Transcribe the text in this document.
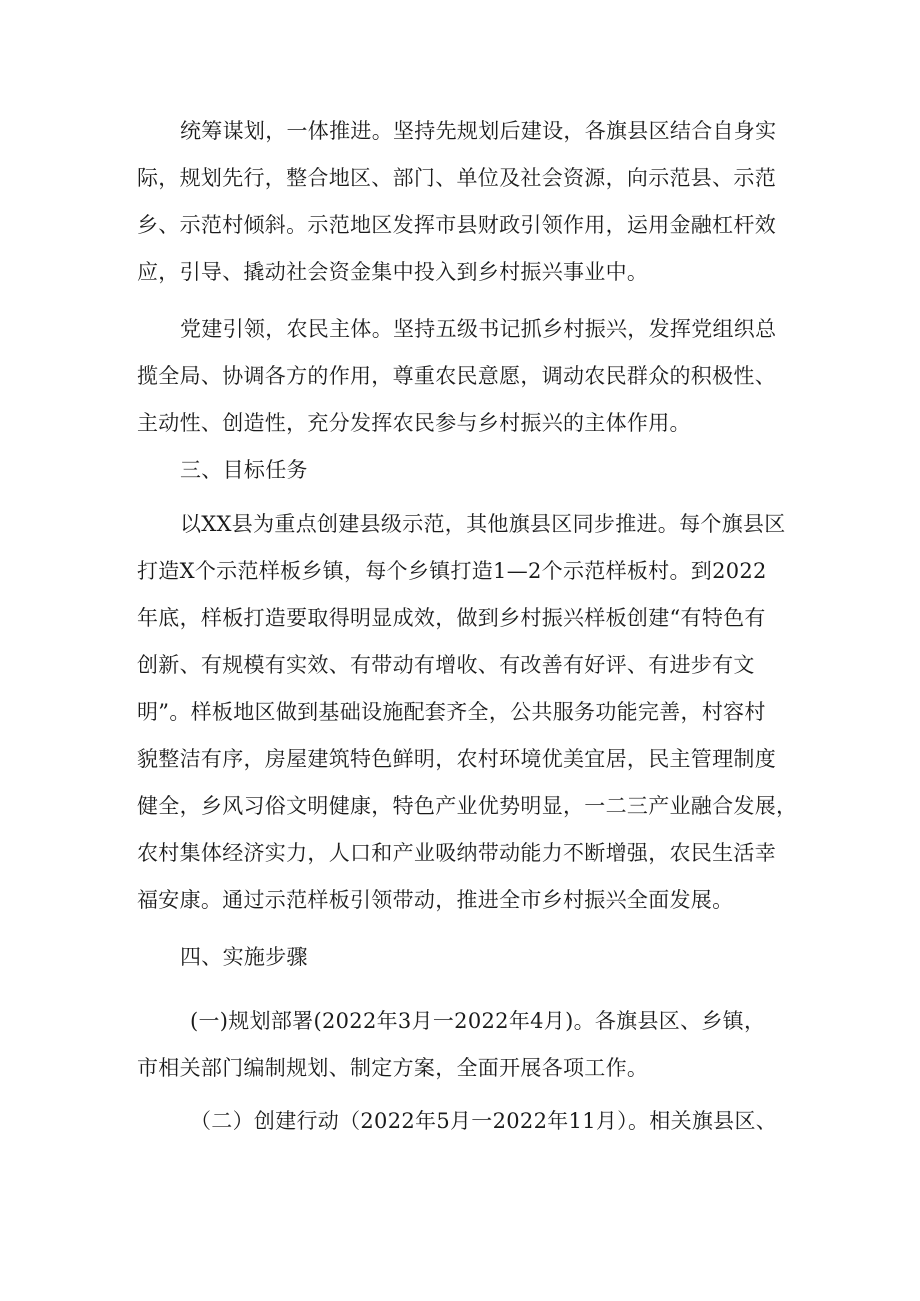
统筹谋划，一体推进。坚持先规划后建设，各旗县区结合自身实

际，规划先行，整合地区、部门、单位及社会资源，向示范县、示范

乡、示范村倾斜。示范地区发挥市县财政引领作用，运用金融杠杆效

应，引导、撬动社会资金集中投入到乡村振兴事业中。

党建引领，农民主体。坚持五级书记抓乡村振兴，发挥党组织总

揽全局、协调各方的作用，尊重农民意愿，调动农民群众的积极性、

主动性、创造性，充分发挥农民参与乡村振兴的主体作用。

三、目标任务

以XX县为重点创建县级示范，其他旗县区同步推进。每个旗县区

打造X个示范样板乡镇，每个乡镇打造1—2个示范样板村。到2022

年底，样板打造要取得明显成效，做到乡村振兴样板创建“有特色有

创新、有规模有实效、有带动有增收、有改善有好评、有进步有文

明”。样板地区做到基础设施配套齐全，公共服务功能完善，村容村

貌整洁有序，房屋建筑特色鲜明，农村环境优美宜居，民主管理制度

健全，乡风习俗文明健康，特色产业优势明显，一二三产业融合发展，

农村集体经济实力，人口和产业吸纳带动能力不断增强，农民生活幸

福安康。通过示范样板引领带动，推进全市乡村振兴全面发展。

四、实施步骤

(一)规划部署(2022年3月一2022年4月)。各旗县区、乡镇，

市相关部门编制规划、制定方案，全面开展各项工作。

（二）创建行动（2022年5月一2022年11月）。相关旗县区、
